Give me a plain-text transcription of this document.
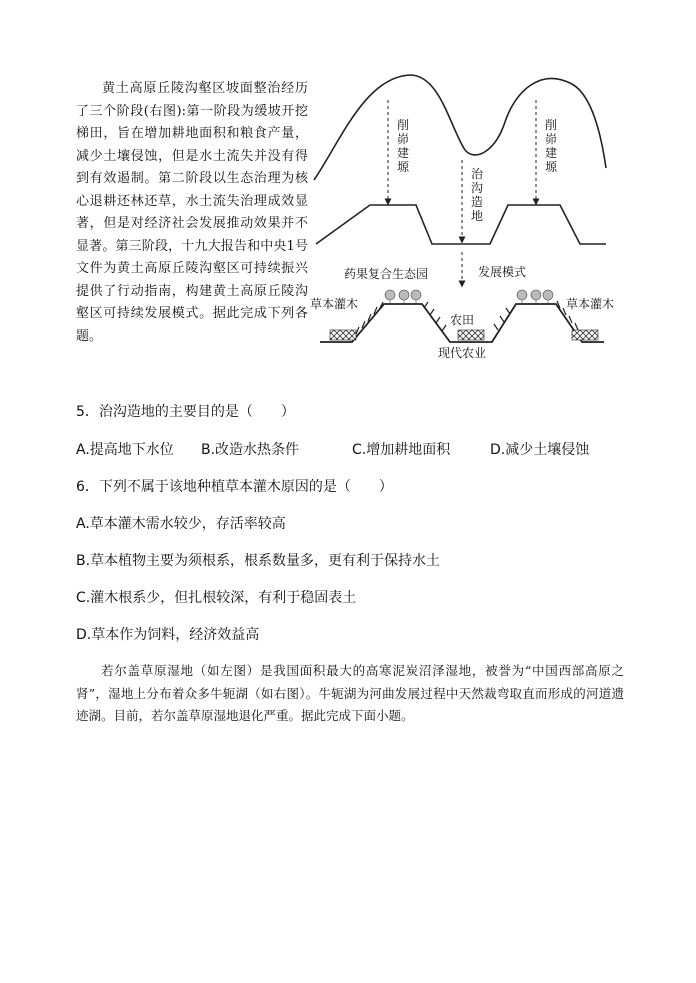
黄土高原丘陵沟壑区坡面整治经历了三个阶段(右图):第一阶段为缓坡开挖梯田，旨在增加耕地面积和粮食产量，减少土壤侵蚀，但是水土流失并没有得到有效遏制。第二阶段以生态治理为核心退耕还林还草，水土流失治理成效显著，但是对经济社会发展推动效果并不显著。第三阶段，十九大报告和中央1号文件为黄土高原丘陵沟壑区可持续振兴提供了行动指南，构建黄土高原丘陵沟壑区可持续发展模式。据此完成下列各题。

削峁建塬	治沟造地
削峁建塬
药果复合生态园	发展模式
草本灌木	草本灌木
农田
现代农业
5．治沟造地的主要目的是（　　）
A.提高地下水位 B.改造水热条件	C.增加耕地面积	D.减少土壤侵蚀
6．下列不属于该地种植草本灌木原因的是（　　）
A.草本灌木需水较少，存活率较高
B.草本植物主要为须根系，根系数量多，更有利于保持水土
C.灌木根系少，但扎根较深，有利于稳固表土
D.草本作为饲料，经济效益高
若尔盖草原湿地（如左图）是我国面积最大的高寒泥炭沼泽湿地，被誉为“中国西部高原之肾”，湿地上分布着众多牛轭湖（如右图）。牛轭湖为河曲发展过程中天然裁弯取直而形成的河道遗迹湖。目前，若尔盖草原湿地退化严重。据此完成下面小题。
